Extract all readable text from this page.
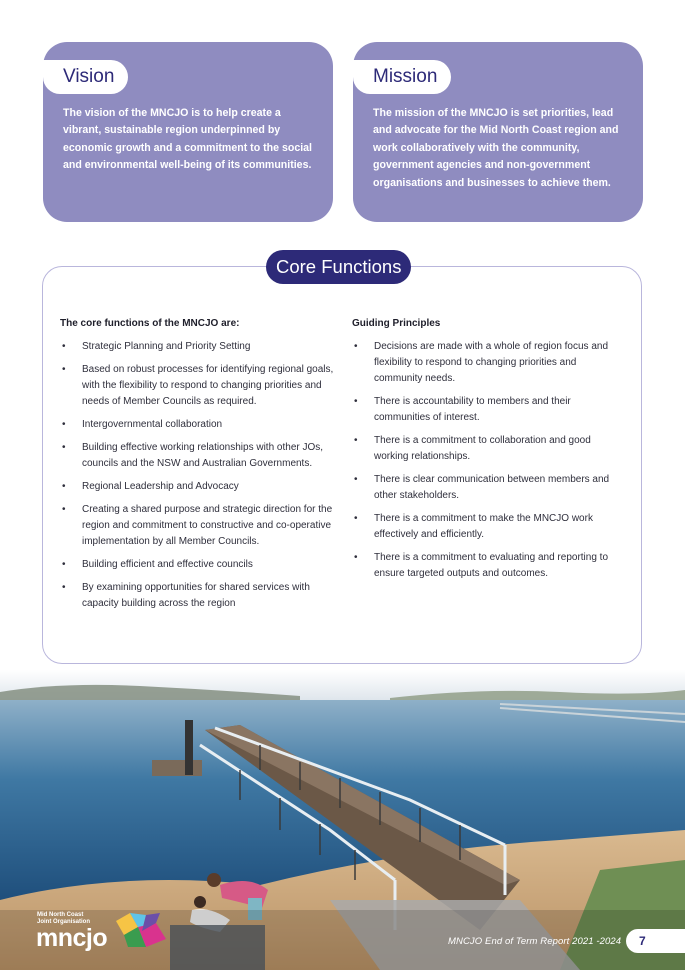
Vision
The vision of the MNCJO is to help create a vibrant, sustainable region underpinned by economic growth and a commitment to the social and environmental well-being of its communities.
Mission
The mission of the MNCJO is set priorities, lead and advocate for the Mid North Coast region and work collaboratively with the community, government agencies and non-government organisations and businesses to achieve them.
Core Functions
The core functions of the MNCJO are:
• Strategic Planning and Priority Setting
• Based on robust processes for identifying regional goals, with the flexibility to respond to changing priorities and needs of Member Councils as required.
• Intergovernmental collaboration
• Building effective working relationships with other JOs, councils and the NSW and Australian Governments.
• Regional Leadership and Advocacy
• Creating a shared purpose and strategic direction for the region and commitment to constructive and co-operative implementation by all Member Councils.
• Building efficient and effective councils
• By examining opportunities for shared services with capacity building across the region
Guiding Principles
• Decisions are made with a whole of region focus and flexibility to respond to changing priorities and community needs.
• There is accountability to members and their communities of interest.
• There is a commitment to collaboration and good working relationships.
• There is clear communication between members and other stakeholders.
• There is a commitment to make the MNCJO work effectively and efficiently.
• There is a commitment to evaluating and reporting to ensure targeted outputs and outcomes.
Mid North Coast
Joint Organisation
mncjo	MNCJO End of Term Report 2021 -2024	7
